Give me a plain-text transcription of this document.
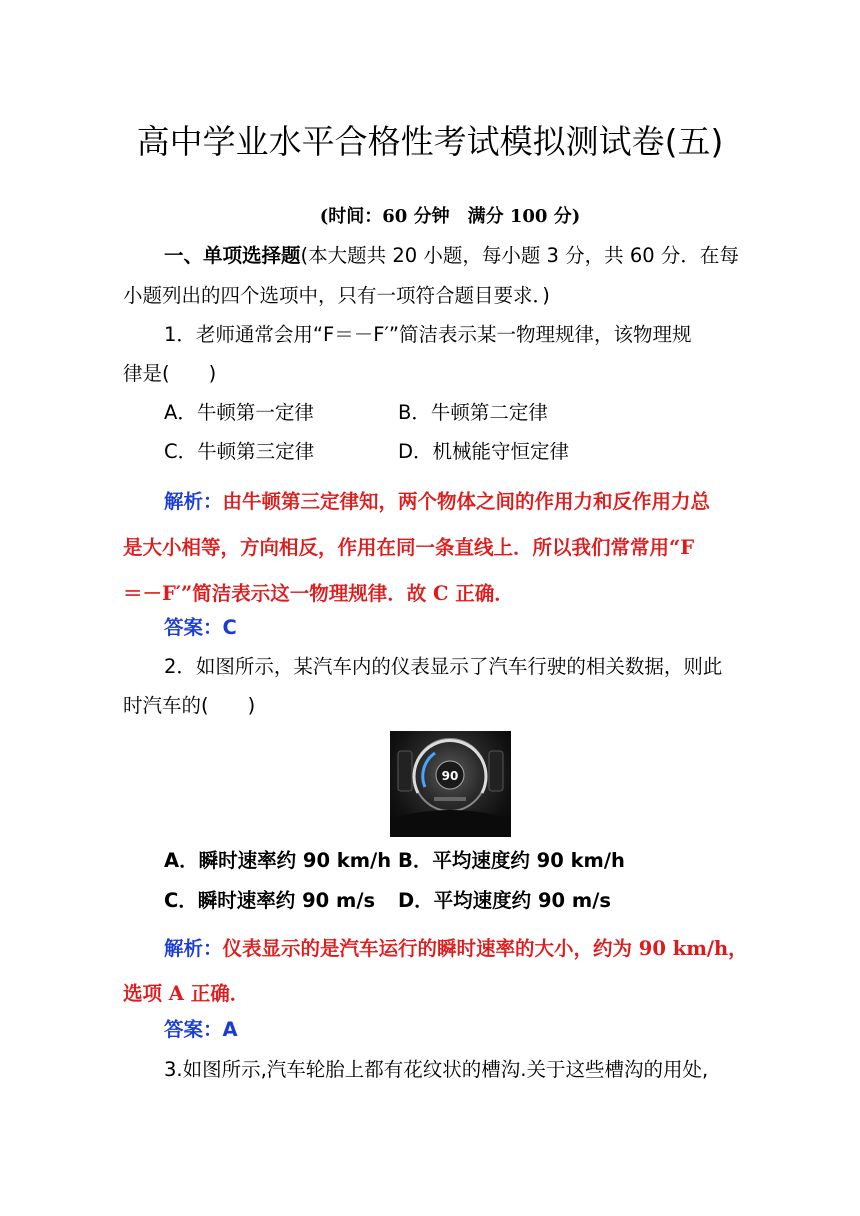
高中学业水平合格性考试模拟测试卷(五)
(时间：60 分钟　满分 100 分)
一、单项选择题(本大题共 20 小题，每小题 3 分，共 60 分．在每
小题列出的四个选项中，只有一项符合题目要求．)
1．老师通常会用“F＝－F′”简洁表示某一物理规律，该物理规
律是(　　)
A．牛顿第一定律	B．牛顿第二定律
C．牛顿第三定律	D．机械能守恒定律
解析：由牛顿第三定律知，两个物体之间的作用力和反作用力总
是大小相等，方向相反，作用在同一条直线上．所以我们常常用“F
＝－F′”简洁表示这一物理规律．故 C 正确．
答案：C
2．如图所示，某汽车内的仪表显示了汽车行驶的相关数据，则此
时汽车的(　　)
90
A．瞬时速率约 90 km/h B．平均速度约 90 km/h
C．瞬时速率约 90 m/s D．平均速度约 90 m/s
解析：仪表显示的是汽车运行的瞬时速率的大小，约为 90 km/h，
选项 A 正确．
答案：A
3.如图所示,汽车轮胎上都有花纹状的槽沟.关于这些槽沟的用处,
